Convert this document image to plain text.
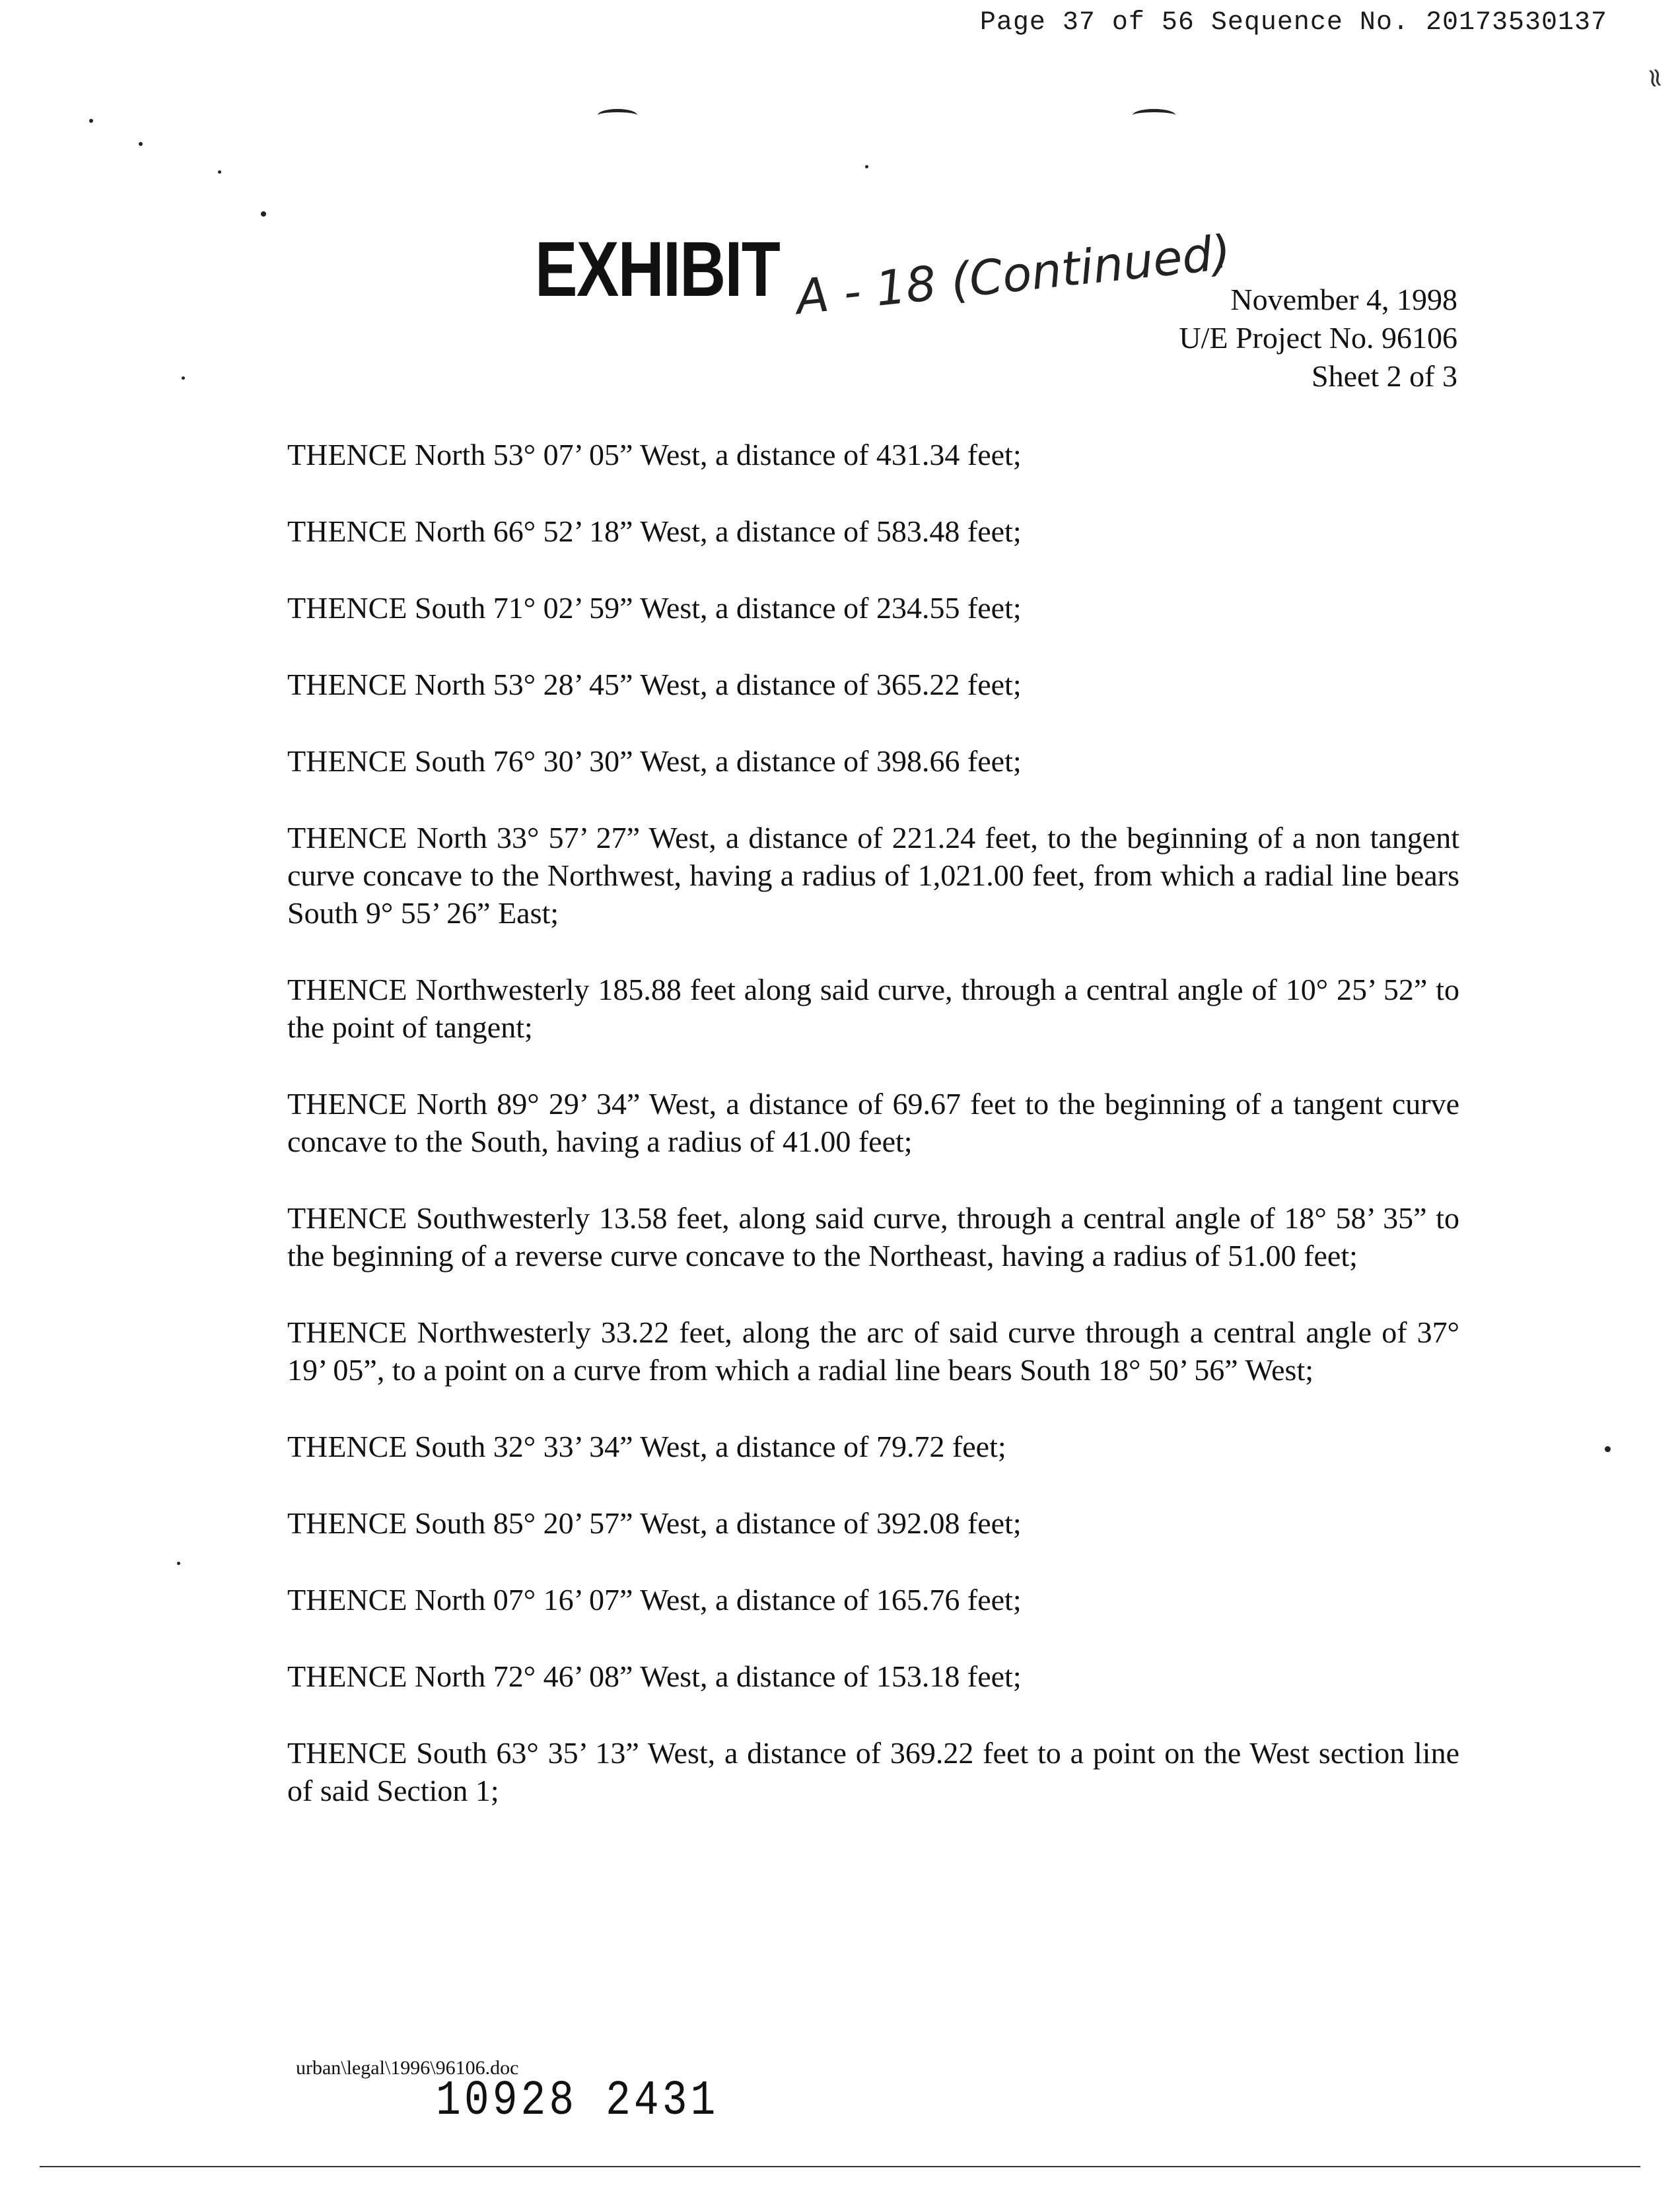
≈
Page 37 of 56 Sequence No. 20173530137
EXHIBIT A - 18 (Continued)
November 4, 1998
U/E Project No. 96106
Sheet 2 of 3

THENCE North 53° 07’ 05” West, a distance of 431.34 feet;

THENCE North 66° 52’ 18” West, a distance of 583.48 feet;

THENCE South 71° 02’ 59” West, a distance of 234.55 feet;

THENCE North 53° 28’ 45” West, a distance of 365.22 feet;

THENCE South 76° 30’ 30” West, a distance of 398.66 feet;

THENCE North 33° 57’ 27” West, a distance of 221.24 feet, to the beginning of a non tangent curve concave to the Northwest, having a radius of 1,021.00 feet, from which a radial line bears South 9° 55’ 26” East;

THENCE Northwesterly 185.88 feet along said curve, through a central angle of 10° 25’ 52” to the point of tangent;

THENCE North 89° 29’ 34” West, a distance of 69.67 feet to the beginning of a tangent curve concave to the South, having a radius of 41.00 feet;

THENCE Southwesterly 13.58 feet, along said curve, through a central angle of 18° 58’ 35” to the beginning of a reverse curve concave to the Northeast, having a radius of 51.00 feet;

THENCE Northwesterly 33.22 feet, along the arc of said curve through a central angle of 37° 19’ 05”, to a point on a curve from which a radial line bears South 18° 50’ 56” West;

THENCE South 32° 33’ 34” West, a distance of 79.72 feet;

THENCE South 85° 20’ 57” West, a distance of 392.08 feet;

THENCE North 07° 16’ 07” West, a distance of 165.76 feet;

THENCE North 72° 46’ 08” West, a distance of 153.18 feet;

THENCE South 63° 35’ 13” West, a distance of 369.22 feet to a point on the West section line of said Section 1;

urban\legal\1996\96106.doc
10928 2431
